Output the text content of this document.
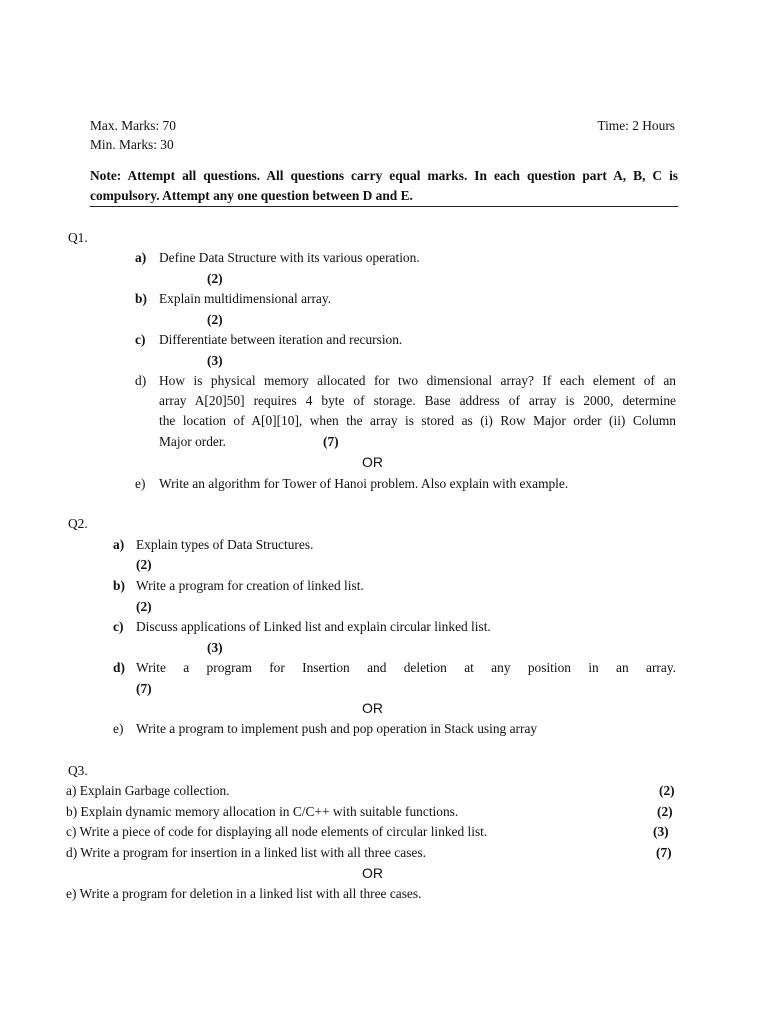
Max. Marks: 70
Min. Marks: 30
Time: 2 Hours
Note: Attempt all questions. All questions carry equal marks. In each question part A, B, C is
compulsory. Attempt any one question between D and E.
Q1.
a) Define Data Structure with its various operation.
(2)
b) Explain multidimensional array.
(2)
c) Differentiate between iteration and recursion.
(3)
d) How is physical memory allocated for two dimensional array? If each element of an
array A[20]50] requires 4 byte of storage. Base address of array is 2000, determine
the location of A[0][10], when the array is stored as (i) Row Major order (ii) Column
Major order.	(7)
OR
e) Write an algorithm for Tower of Hanoi problem. Also explain with example.
Q2.
a) Explain types of Data Structures.
(2)
b) Write a program for creation of linked list.
(2)
c) Discuss applications of Linked list and explain circular linked list.
(3)
d) Write a program for Insertion and deletion at any position in an array.
(7)
OR
e) Write a program to implement push and pop operation in Stack using array
Q3.
a) Explain Garbage collection.	(2)
b) Explain dynamic memory allocation in C/C++ with suitable functions.	(2)
c) Write a piece of code for displaying all node elements of circular linked list.	(3)
d) Write a program for insertion in a linked list with all three cases.	(7)
OR
e) Write a program for deletion in a linked list with all three cases.
